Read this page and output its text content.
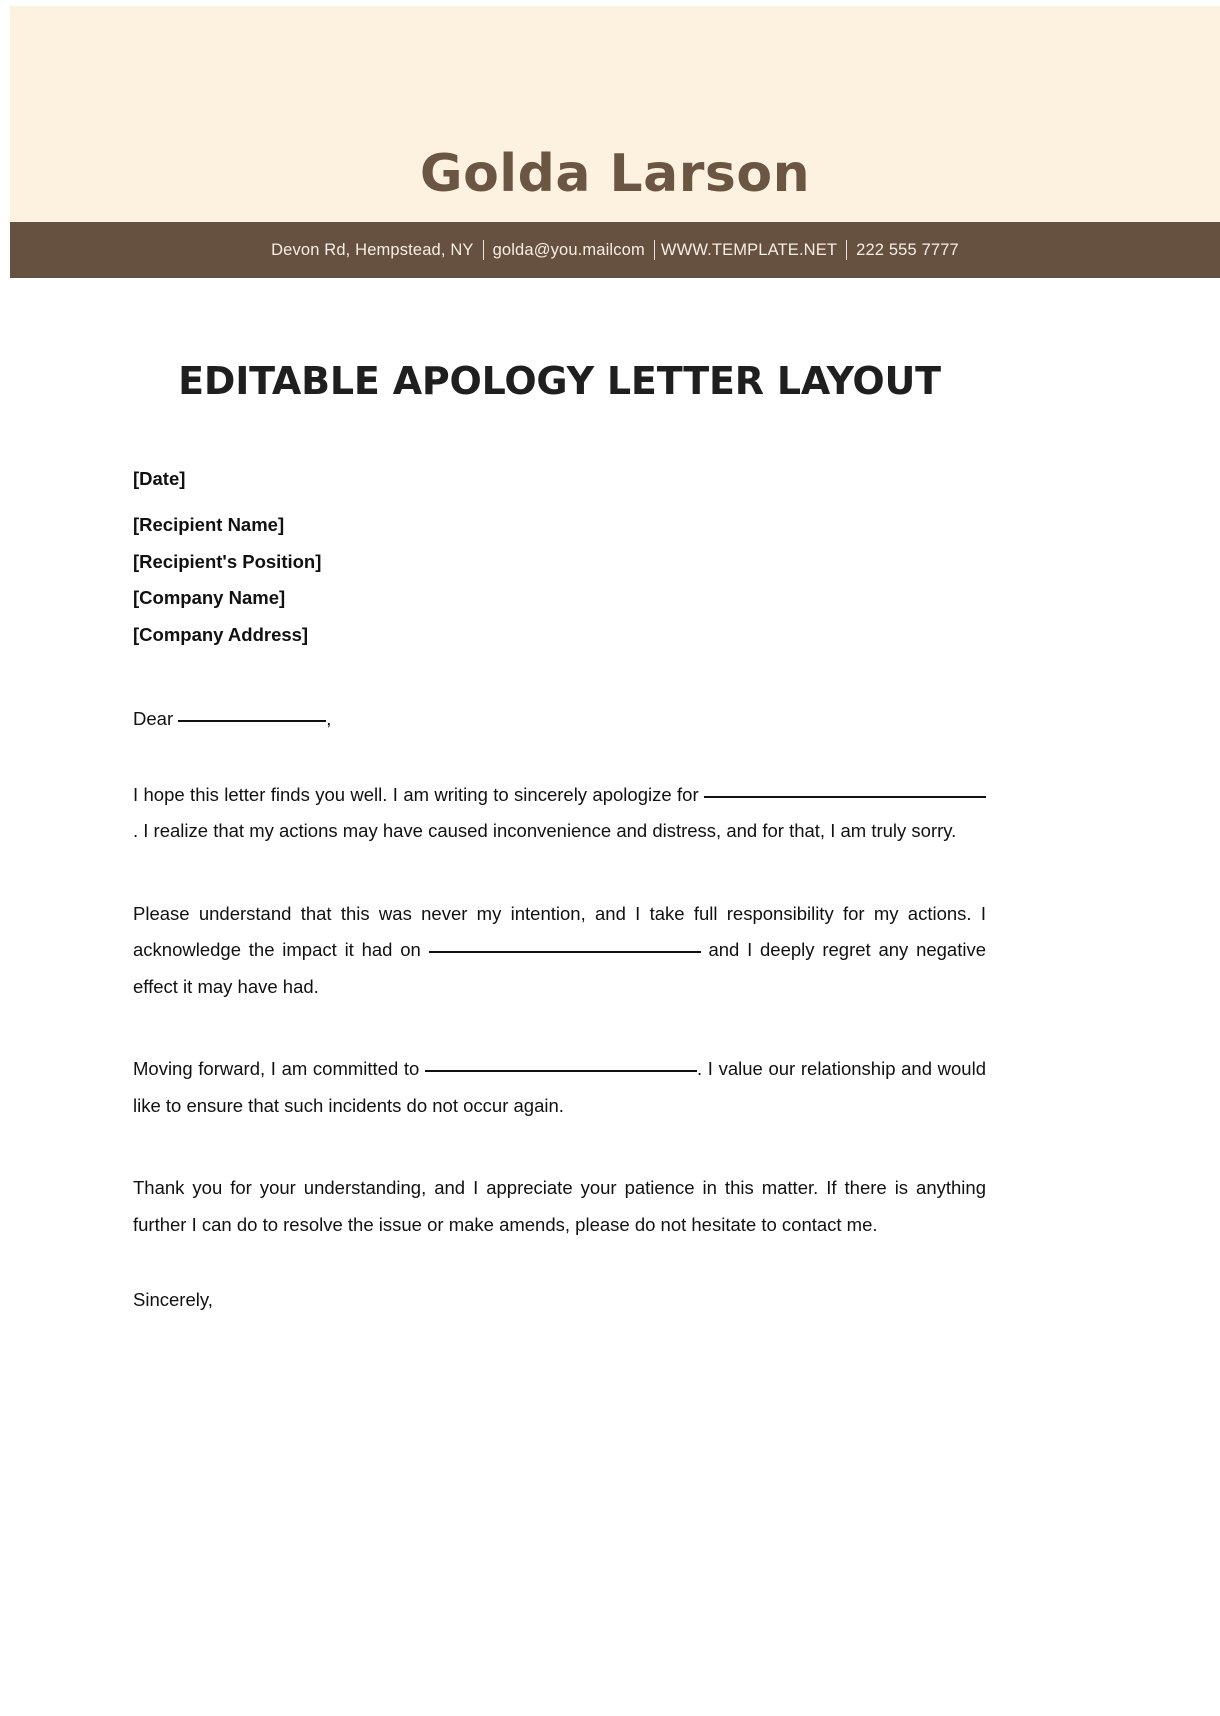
Golda Larson
Devon Rd, Hempstead, NY golda@you.mailcom WWW.TEMPLATE.NET 222 555 7777
EDITABLE APOLOGY LETTER LAYOUT
[Date]
[Recipient Name]
[Recipient's Position]
[Company Name]
[Company Address]
Dear	,

I hope this letter finds you well. I am writing to sincerely apologize for . I realize that my actions may have caused inconvenience and distress, and for that, I am truly sorry.

Please understand that this was never my intention, and I take full responsibility for my actions. I acknowledge the impact it had on	and I deeply regret any negative effect it may have had.

Moving forward, I am committed to	. I value our relationship and would like to ensure that such incidents do not occur again.

Thank you for your understanding, and I appreciate your patience in this matter. If there is anything further I can do to resolve the issue or make amends, please do not hesitate to contact me.

Sincerely,
